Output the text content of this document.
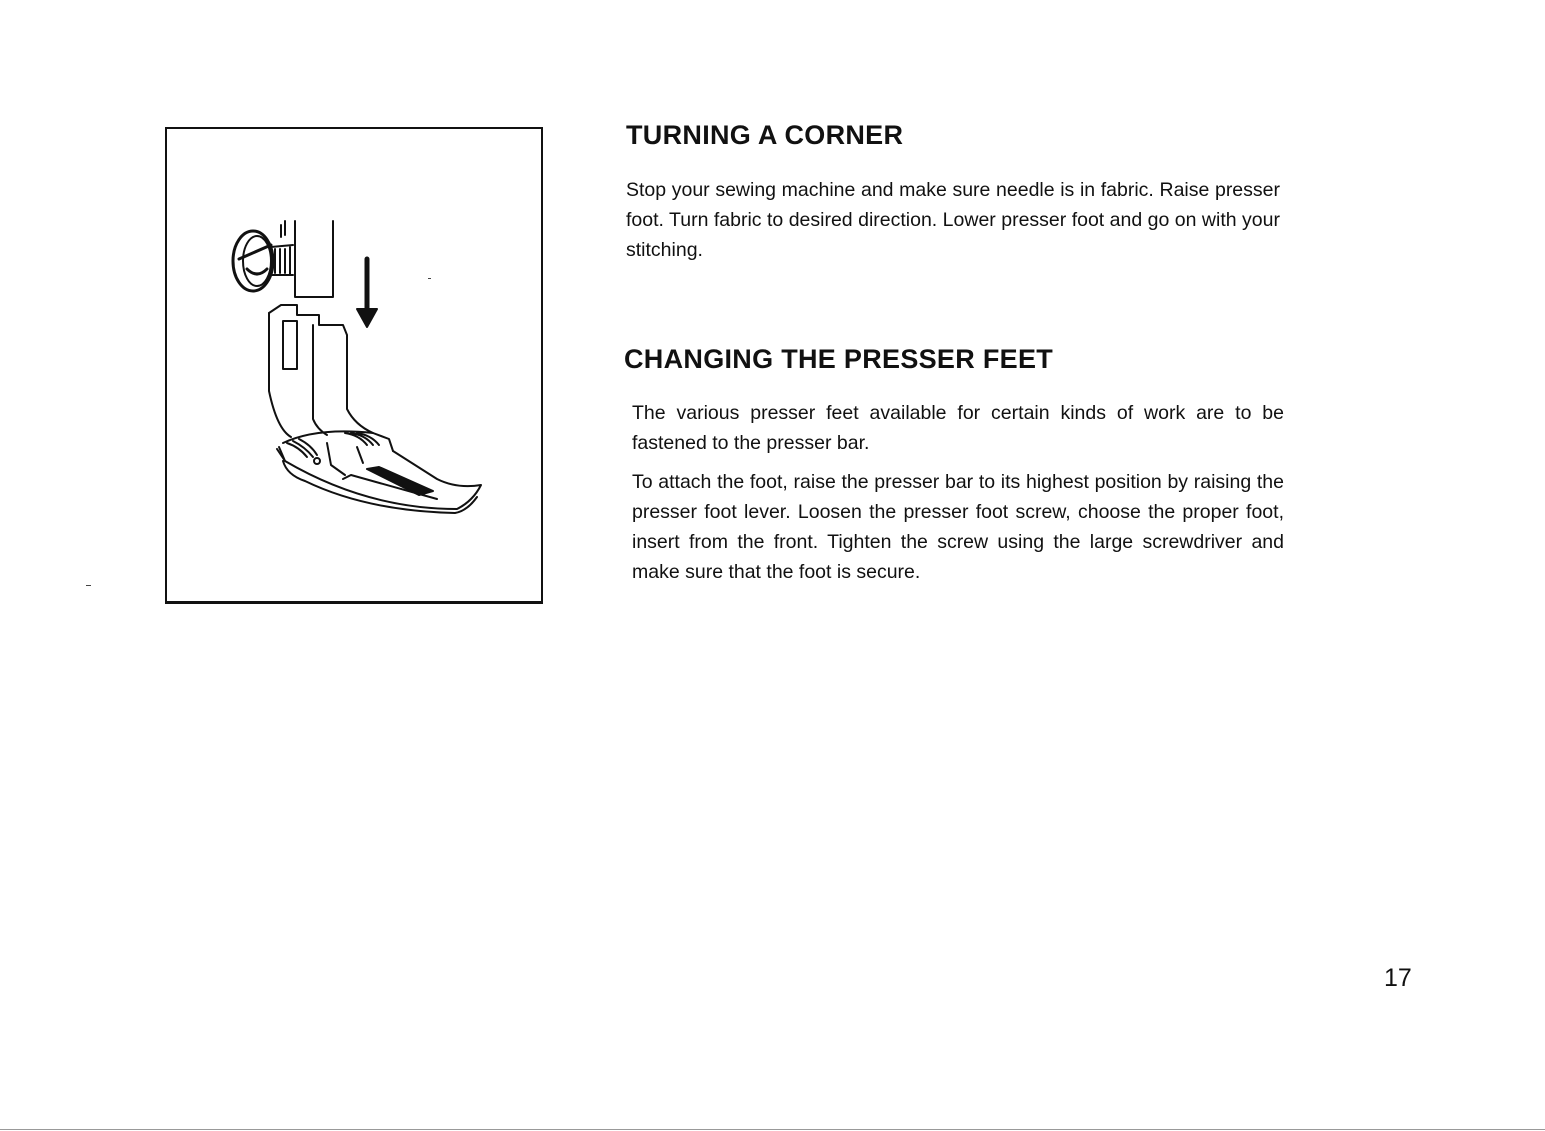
TURNING A CORNER

Stop your sewing machine and make sure needle is in fabric. Raise presser foot. Turn fabric to desired direction. Lower presser foot and go on with your stitching.

CHANGING THE PRESSER FEET

The various presser feet available for certain kinds of work are to be fastened to the presser bar.

To attach the foot, raise the presser bar to its highest position by raising the presser foot lever. Loosen the presser foot screw, choose the proper foot, insert from the front. Tighten the screw using the large screwdriver and make sure that the foot is secure.

17
